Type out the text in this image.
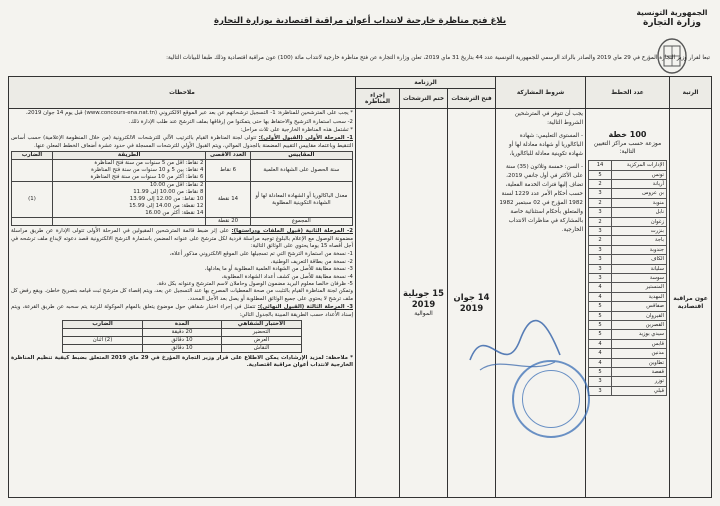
الجمهورية التونسية
وزارة التجارة
بلاغ فتح مناظرة خارجية لانتداب أعوان مراقبة اقتصادية بوزارة التجارة
تبعا لقرار وزير التجارة المؤرخ في 29 ماي 2019 والصادر بالرائد الرسمي للجمهورية التونسية عدد 44 بتاريخ 31 ماي 2019، تعلن وزارة التجارة عن فتح مناظرة خارجية لانتداب مائة (100) عون مراقبة اقتصادية وذلك طبقا للبيانات التالية:
الرتبة	عدد الخطط	شروط المشاركة	الرزنامة	ملاحظات
فتح الترشحات	ختم الترشحات	إجراء المناظرة
عون مراقبة اقتصادية	
100 خطة
موزعة حسب مراكز التعيين التالية:
الإدارات المركزية	14
تونس	5
أريانة	2
بن عروس	3
منوبة	2
نابل	3
زغوان	2
بنزرت	3
باجة	2
جندوبة	3
الكاف	3
سليانة	3
سوسة	3
المنستير	4
المهدية	4
صفاقس	5
القيروان	5
القصرين	5
سيدي بوزيد	5
قابس	4
مدنين	4
تطاوين	4
قفصة	5
توزر	3
قبلي	3

يجب أن تتوفر في المترشحين الشروط التالية:
- المستوى التعليمي: شهادة الباكالوريا أو شهادة معادلة لها أو شهادة تكوينية معادلة للباكالوريا،
- السن: خمسة وثلاثون (35) سنة على الأكثر في أول جانفي 2019، تضاف إليها فترات الخدمة الفعلية، حسب أحكام الأمر عدد 1229 لسنة 1982 المؤرخ في 02 سبتمبر 1982 والمتعلق بأحكام استثنائية خاصة بالمشاركة في مناظرات الانتداب الخارجية.
	14 جوان 2019	15 جويلية 2019
الموالية		

* يجب على المترشحين للمناظرة: 1- التسجيل ترشحاتهم عن بعد عبر الموقع الالكتروني (www.concours-ena.nat.tn) قبل يوم 14 جوان 2019،

2- سحب استمارة الترشيح والاحتفاظ بها حتى يتمكنوا من إرفاقها بملف الترشح عند طلب الإدارة ذلك.

* تشتمل هذه المناظرة الخارجية على ثلاث مراحل:

1- المرحلة الأولى (القبول الأولي): تتولى لجنة المناظرة القيام بالترتيب الآلي للترشحات الالكترونية (من خلال المنظومة الإعلامية) حسب أساس التنقيط وباعتماد مقاييس التقييم المضمنة بالجدول الموالي، ويتم القبول الأولي للترشحات المسجلة في حدود عشرة أضعاف الخطط المعلن عنها.

المقاييس	العدد الأقصى	الطريقة	الضارب
سنة الحصول على الشهادة العلمية	6 نقاط	
2 نقاط: أقل من 5 سنوات من سنة فتح المناظرة
4 نقاط: بين 5 و 10 سنوات من سنة فتح المناظرة
6 نقاط: أكثر من 10 سنوات من سنة فتح المناظرة

معدل الباكالوريا أو الشهادة المعادلة لها أو الشهادة التكوينية المطلوبة	14 نقطة	
2 نقاط: أقل من 10.00
8 نقاط: من 10.00 إلى 11.99
10 نقاط: من 12.00 إلى 13.99
12 نقطة: من 14.00 إلى 15.99
14 نقطة: أكثر من 16.00
	(1)
المجموع	20 نقطة		

2- المرحلة الثانية (قبول الملفات ودراستها): على إثر ضبط قائمة المترشحين المقبولين في المرحلة الأولى تتولى الإدارة عن طريق مراسلة مضمونة الوصول مع الإعلام بالبلوغ توجيه مراسلة فردية لكل مترشح على عنوانه المضمن باستمارة الترشح الالكترونية قصد دعوته لإيداع ملف ترشحه في أجل أقصاه 15 يوما يحتوي على الوثائق التالية:

1- نسخة من استمارة الترشح التي تم تسجيلها على الموقع الالكتروني مذكور أعلاه،
2- نسخة من بطاقة التعريف الوطنية،
3- نسخة مطابقة للأصل من الشهادة العلمية المطلوبة أو ما يعادلها،
4- نسخة مطابقة للأصل من كشف أعداد الشهادة المطلوبة،
5- ظرفان خالصا معلوم البريد مضمون الوصول وحاملان لاسم المترشح وعنوانه بكل دقة.

وتمكن لجنة المناظرة القيام بالتثبت من صحة المعطيات المصرح بها عند التسجيل عن بعد، ويتم إقصاء كل مترشح ثبت قيامه بتصريح خاطئ. ويقع رفض كل ملف ترشح لا يحتوي على جميع الوثائق المطلوبة أو يصل بعد الأجل المحدد.

3- المرحلة الثالثة (القبول النهائي): تتمثل في إجراء اختبار شفاهي حول موضوع يتعلق بالمهام الموكولة للرتبة يتم سحبه عن طريق القرعة، ويتم إسناد الأعداد حسب الطريقة المبينة بالجدول التالي:

الاختبار الشفاهي	المدة	الضارب
التحضير	20 دقيقة	
العرض	10 دقائق	(2) اثنان
النقاش	10 دقائق	

* ملاحظة: لمزيد الإرشادات يمكن الاطلاع على قرار وزير التجارة المؤرخ في 29 ماي 2019 المتعلق بضبط كيفية تنظيم المناظرة الخارجية لانتداب أعوان مراقبة اقتصادية.
